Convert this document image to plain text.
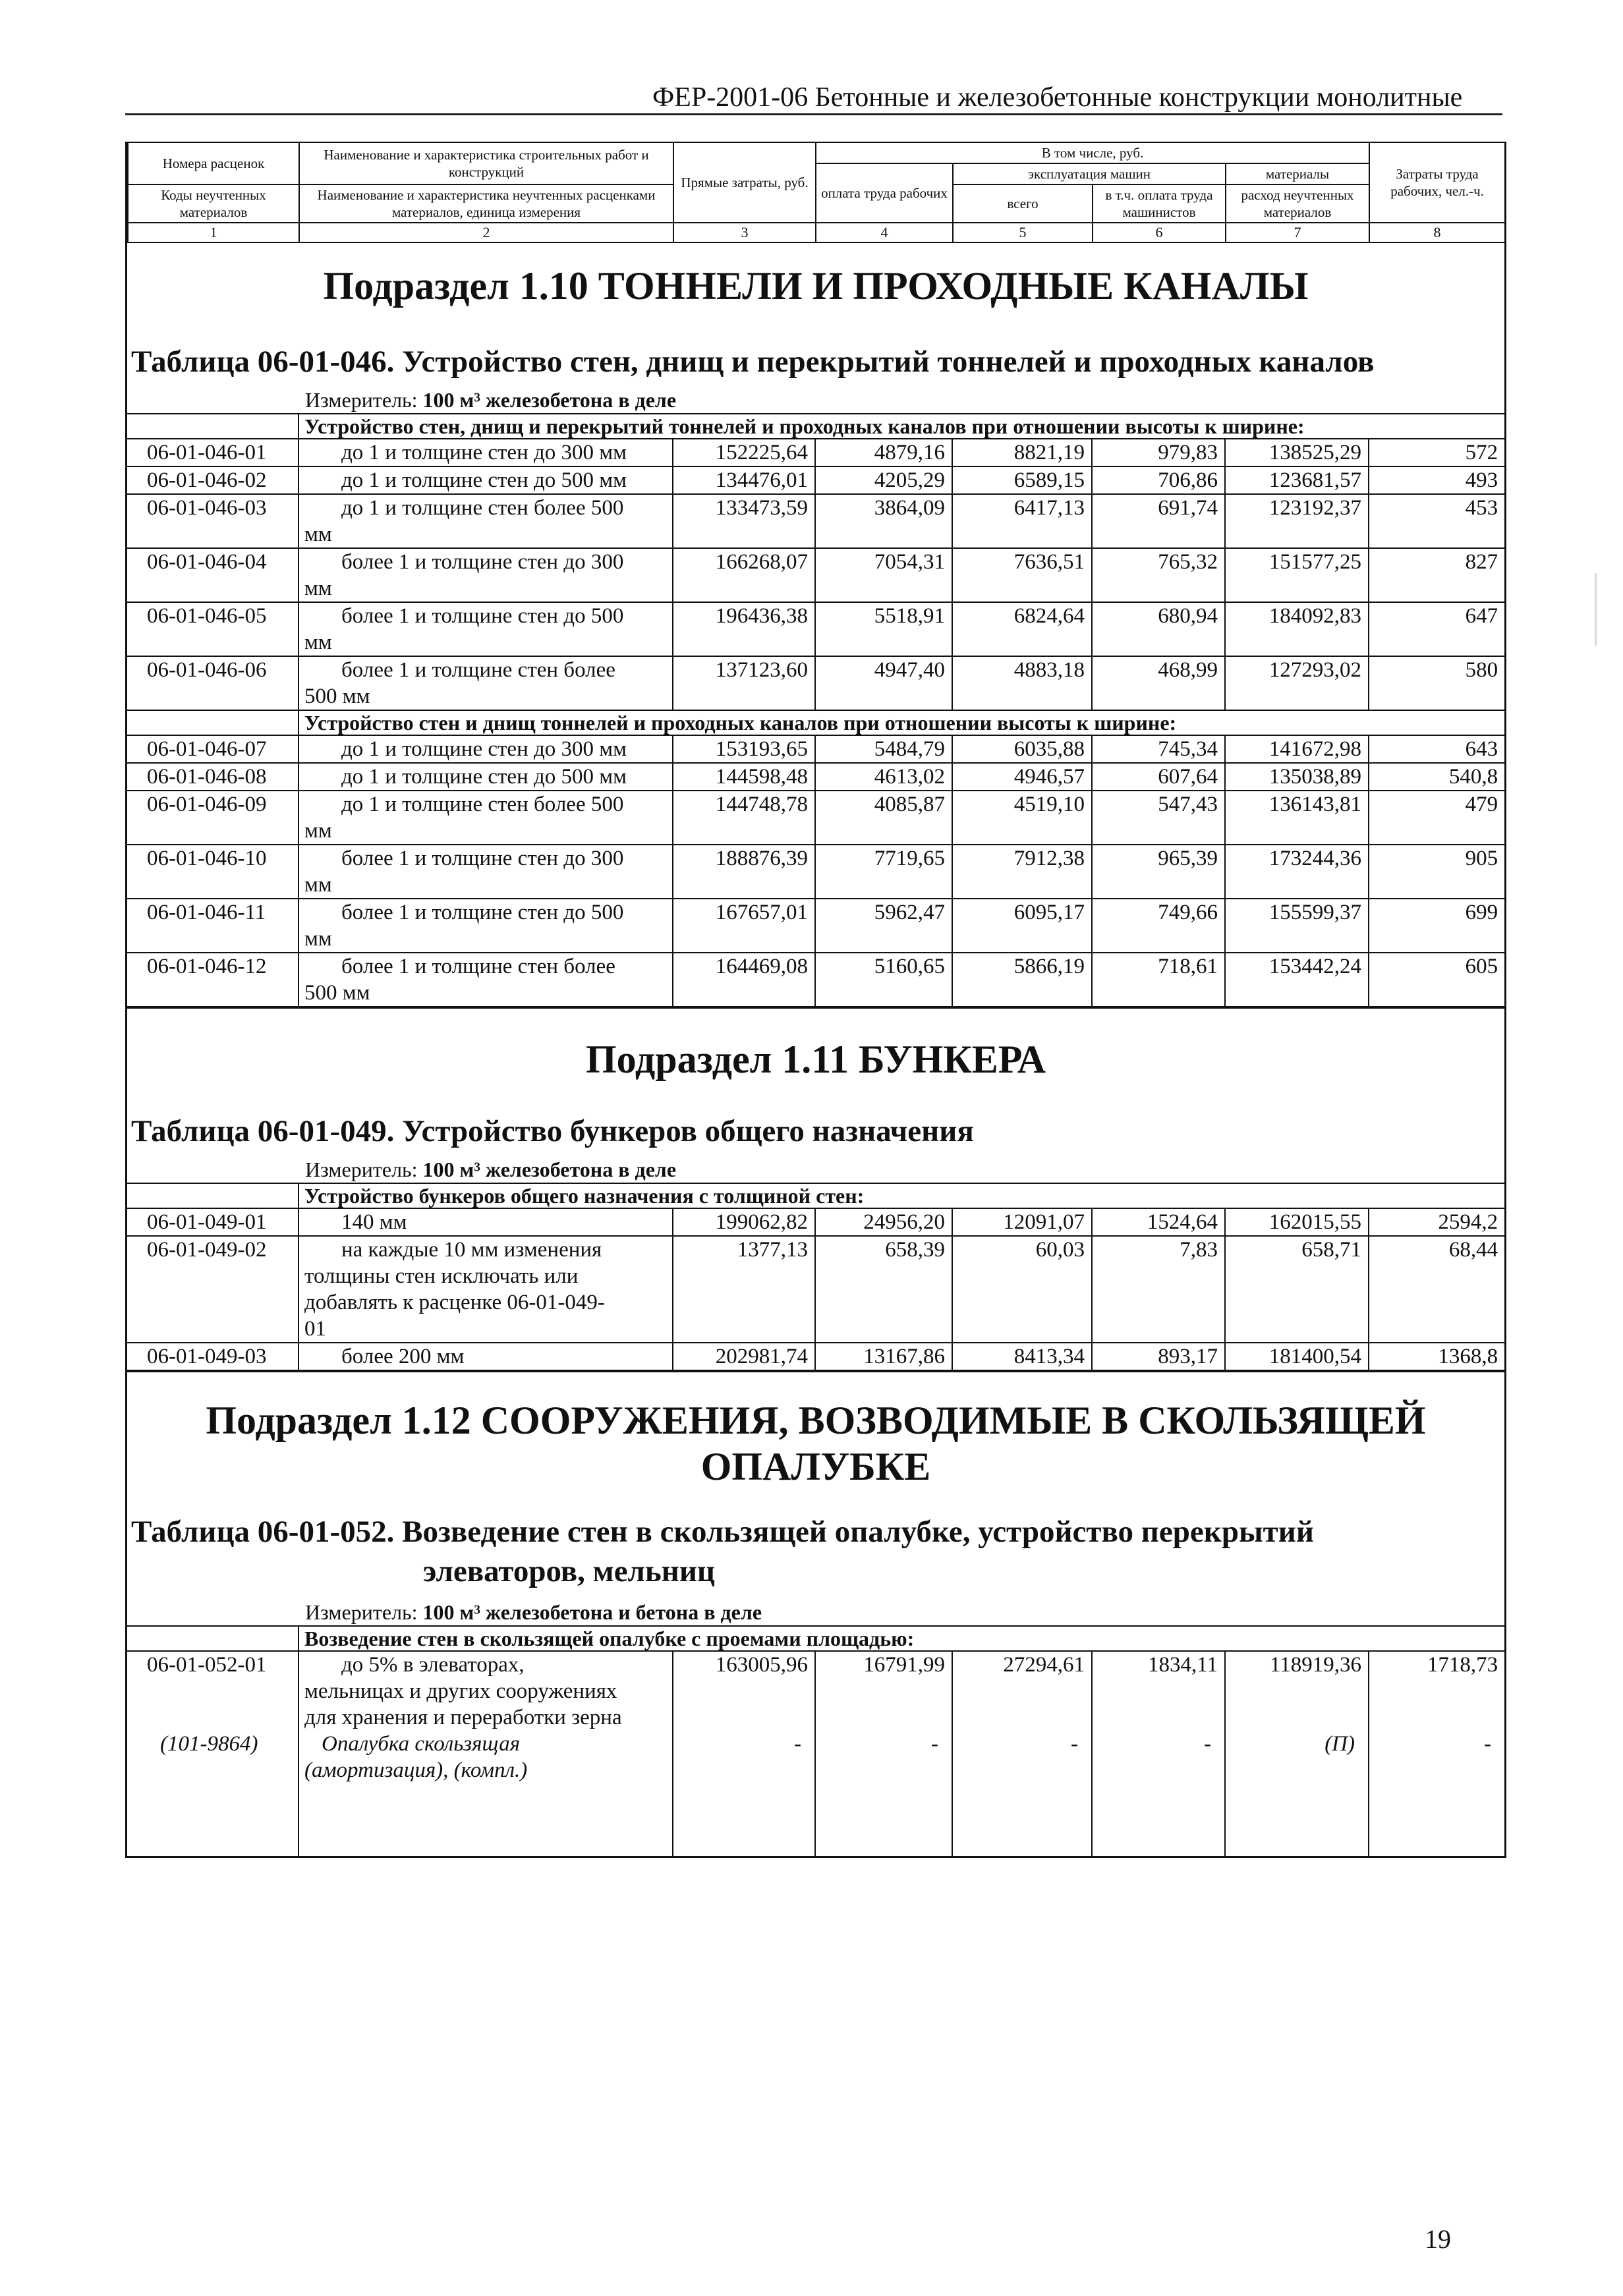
ФЕР-2001-06 Бетонные и железобетонные конструкции монолитные
Номера расценок	Наименование и характеристика строительных работ и конструкций	Прямые затраты, руб.	В том числе, руб.				Затраты труда рабочих, чел.-ч.
			оплата труда рабочих	эксплуатация машин		материалы	
Коды неучтенных материалов	Наименование и характеристика неучтенных расценками материалов, единица измерения			всего	в т.ч. оплата труда машинистов	расход неучтенных материалов	

1	2	3	4	5	6	7	8
Подраздел 1.10 ТОННЕЛИ И ПРОХОДНЫЕ КАНАЛЫ
Таблица 06-01-046. Устройство стен, днищ и перекрытий тоннелей и проходных каналов
Измеритель: 100 м³ железобетона в деле
	Устройство стен, днищ и перекрытий тоннелей и проходных каналов при отношении высоты к ширине:						
06-01-046-01	до 1 и толщине стен до 300 мм	152225,64	4879,16	8821,19	979,83	138525,29	572
06-01-046-02	до 1 и толщине стен до 500 мм	134476,01	4205,29	6589,15	706,86	123681,57	493
06-01-046-03	до 1 и толщине стен более 500
мм	133473,59	3864,09	6417,13	691,74	123192,37	453
06-01-046-04	более 1 и толщине стен до 300
мм	166268,07	7054,31	7636,51	765,32	151577,25	827
06-01-046-05	более 1 и толщине стен до 500
мм	196436,38	5518,91	6824,64	680,94	184092,83	647
06-01-046-06	более 1 и толщине стен более
500 мм	137123,60	4947,40	4883,18	468,99	127293,02	580
	Устройство стен и днищ тоннелей и проходных каналов при отношении высоты к ширине:						
06-01-046-07	до 1 и толщине стен до 300 мм	153193,65	5484,79	6035,88	745,34	141672,98	643
06-01-046-08	до 1 и толщине стен до 500 мм	144598,48	4613,02	4946,57	607,64	135038,89	540,8
06-01-046-09	до 1 и толщине стен более 500
мм	144748,78	4085,87	4519,10	547,43	136143,81	479
06-01-046-10	более 1 и толщине стен до 300
мм	188876,39	7719,65	7912,38	965,39	173244,36	905
06-01-046-11	более 1 и толщине стен до 500
мм	167657,01	5962,47	6095,17	749,66	155599,37	699
06-01-046-12	более 1 и толщине стен более
500 мм	164469,08	5160,65	5866,19	718,61	153442,24	605
Подраздел 1.11 БУНКЕРА
Таблица 06-01-049. Устройство бункеров общего назначения
Измеритель: 100 м³ железобетона в деле
	Устройство бункеров общего назначения с толщиной стен:						
06-01-049-01	140 мм	199062,82	24956,20	12091,07	1524,64	162015,55	2594,2
06-01-049-02	на каждые 10 мм изменения
толщины стен исключать или
добавлять к расценке 06-01-049-
01	1377,13	658,39	60,03	7,83	658,71	68,44
06-01-049-03	более 200 мм	202981,74	13167,86	8413,34	893,17	181400,54	1368,8
Подраздел 1.12 СООРУЖЕНИЯ, ВОЗВОДИМЫЕ В СКОЛЬЗЯЩЕЙ
ОПАЛУБКЕ
Таблица 06-01-052. Возведение стен в скользящей опалубке, устройство перекрытий
элеваторов, мельниц
Измеритель: 100 м³ железобетона и бетона в деле
	Возведение стен в скользящей опалубке с проемами площадью:						
06-01-052-01	до 5% в элеваторах,
мельницах и других сооружениях
для хранения и переработки зерна	163005,96	16791,99	27294,61	1834,11	118919,36	1718,73
(101-9864)	Опалубка скользящая
(амортизация), (компл.)	-	-	-	-	(П)	-
19
